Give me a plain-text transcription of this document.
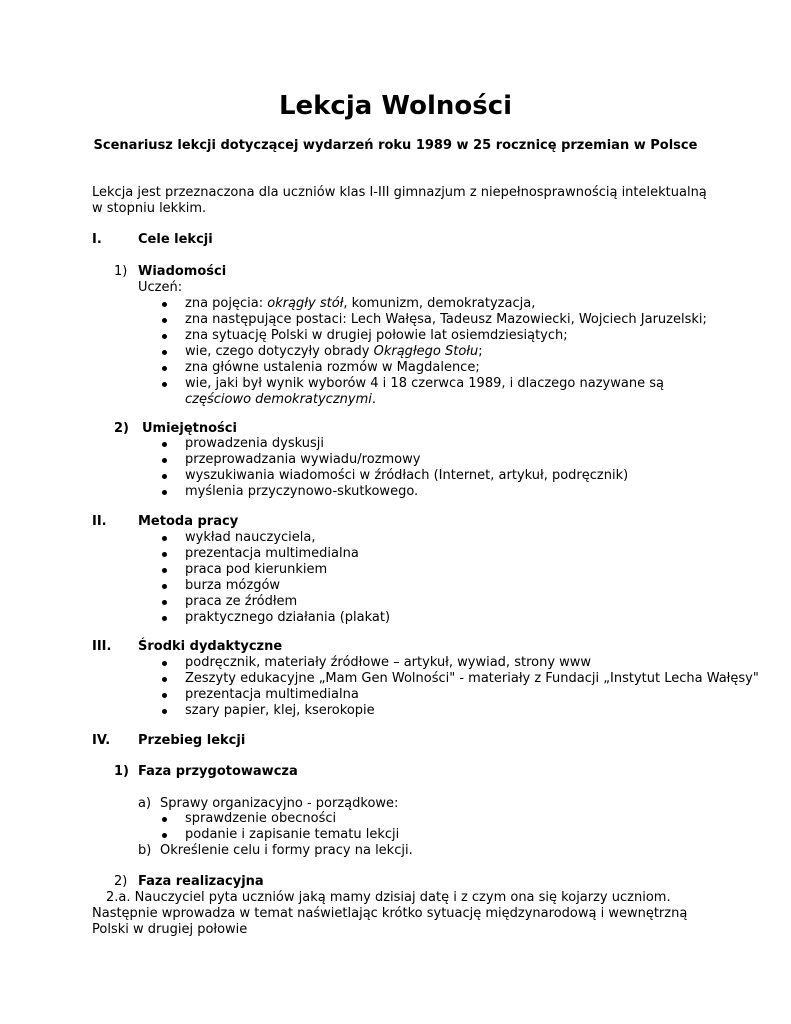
Lekcja Wolności
Scenariusz lekcji dotyczącej wydarzeń roku 1989 w 25 rocznicę przemian w Polsce
Lekcja jest przeznaczona dla uczniów klas I-III gimnazjum z niepełnosprawnością intelektualną w stopniu lekkim.
I.	Cele lekcji
1) Wiadomości
Uczeń:
zna pojęcia: okrągły stół, komunizm, demokratyzacja,
zna następujące postaci: Lech Wałęsa, Tadeusz Mazowiecki, Wojciech Jaruzelski;
zna sytuację Polski w drugiej połowie lat osiemdziesiątych;
wie, czego dotyczyły obrady Okrągłego Stołu;
zna główne ustalenia rozmów w Magdalence;
wie, jaki był wynik wyborów 4 i 18 czerwca 1989, i dlaczego nazywane są częściowo demokratycznymi.
2) Umiejętności
prowadzenia dyskusji
przeprowadzania wywiadu/rozmowy
wyszukiwania wiadomości w źródłach (Internet, artykuł, podręcznik)
myślenia przyczynowo-skutkowego.
II. Metoda pracy
wykład nauczyciela,
prezentacja multimedialna
praca pod kierunkiem
burza mózgów
praca ze źródłem
praktycznego działania (plakat)
III. Środki dydaktyczne
podręcznik, materiały źródłowe – artykuł, wywiad, strony www
Zeszyty edukacyjne „Mam Gen Wolności" - materiały z Fundacji „Instytut Lecha Wałęsy"
prezentacja multimedialna
szary papier, klej, kserokopie
IV. Przebieg lekcji
1) Faza przygotowawcza
a) Sprawy organizacyjno - porządkowe:
sprawdzenie obecności
podanie i zapisanie tematu lekcji
b) Określenie celu i formy pracy na lekcji.
2) Faza realizacyjna
2.a. Nauczyciel pyta uczniów jaką mamy dzisiaj datę i z czym ona się kojarzy uczniom. Następnie wprowadza w temat naświetlając krótko sytuację międzynarodową i wewnętrzną Polski w drugiej połowie
